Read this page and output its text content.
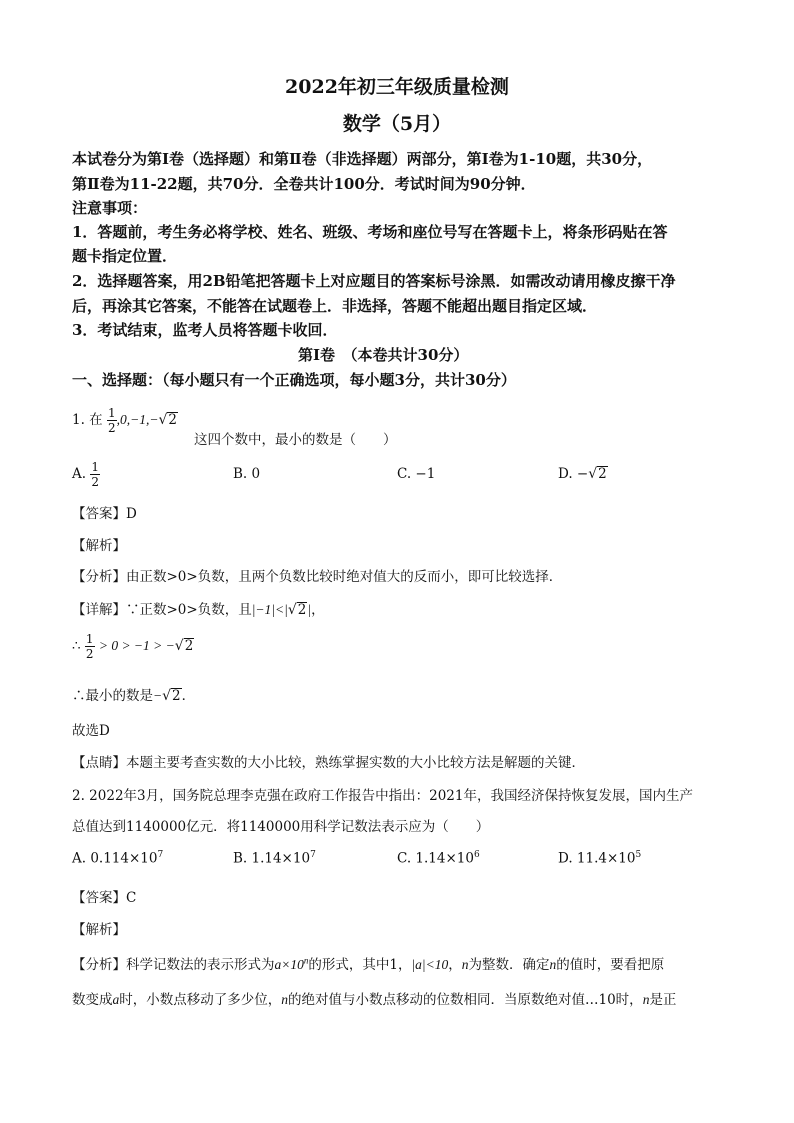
2022年初三年级质量检测
数学（5月）
本试卷分为第Ⅰ卷（选择题）和第Ⅱ卷（非选择题）两部分，第Ⅰ卷为1-10题，共30分，
第Ⅱ卷为11-22题，共70分．全卷共计100分．考试时间为90分钟．
注意事项：
1．答题前，考生务必将学校、姓名、班级、考场和座位号写在答题卡上，将条形码贴在答
题卡指定位置．
2．选择题答案，用2B铅笔把答题卡上对应题目的答案标号涂黑．如需改动请用橡皮擦干净
后，再涂其它答案，不能答在试题卷上．非选择，答题不能超出题目指定区域．
3．考试结束，监考人员将答题卡收回．
第Ⅰ卷　（本卷共计30分）
一、选择题：（每小题只有一个正确选项，每小题3分，共计30分）
1. 在 $\frac{1}{2} ,0,-1,-√2$
这四个数中，最小的数是（　　）
A. $\frac{1}{2}$	B. 0	C. −1	D. −√2
【答案】D
【解析】
【分析】由正数>0>负数，且两个负数比较时绝对值大的反而小，即可比较选择．
【详解】∵正数>0>负数，且|−1|<|√2|，
∴ $\frac{1}{2} > 0 > -1 > -√2$
∴最小的数是−√2．
故选D
【点睛】本题主要考查实数的大小比较，熟练掌握实数的大小比较方法是解题的关键．
2. 2022年3月，国务院总理李克强在政府工作报告中指出：2021年，我国经济保持恢复发展，国内生产
总值达到1140000亿元．将1140000用科学记数法表示应为（　　）
A. $0.114\times 10^7$	B. $1.14\times 10^7$	C. $1.14\times 10^6$	D. $11.4\times 10^5$
【答案】C
【解析】
【分析】科学记数法的表示形式为$a\times 10^n$的形式，其中1，|a|<10，n为整数．确定n的值时，要看把原
数变成a时，小数点移动了多少位，n的绝对值与小数点移动的位数相同．当原数绝对值…10时，n是正
